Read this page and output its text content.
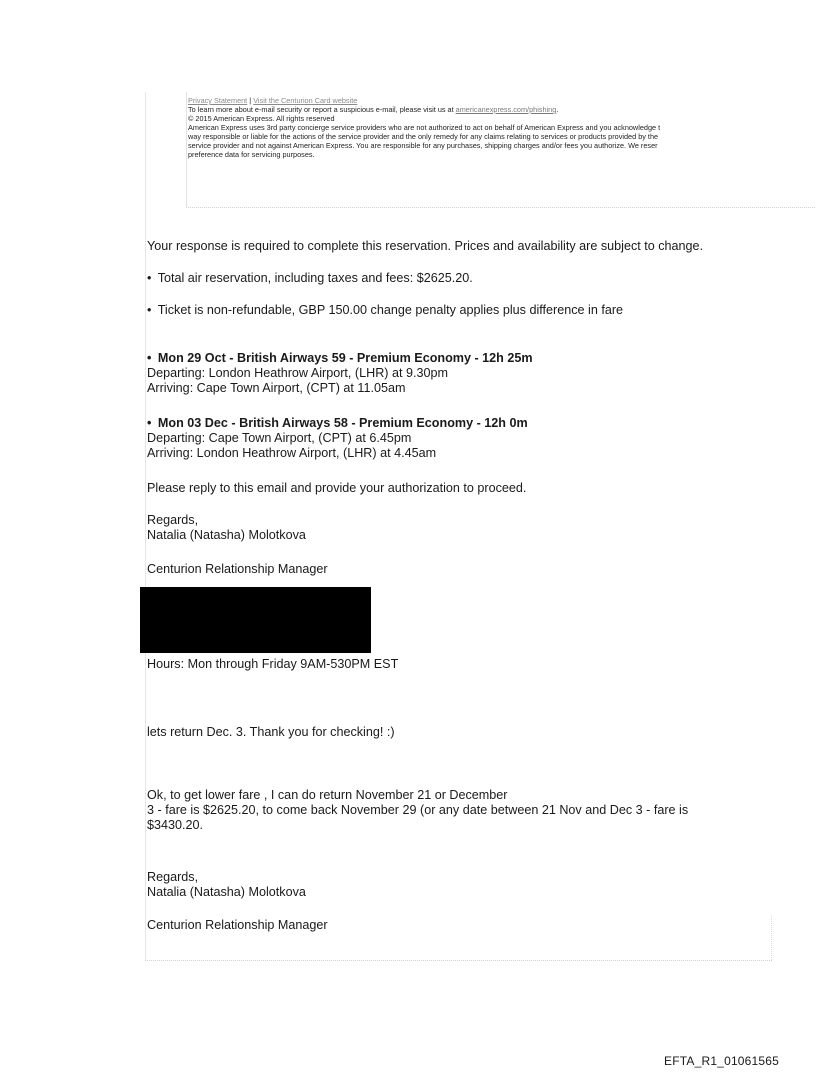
Privacy Statement | Visit the Centurion Card website
To learn more about e-mail security or report a suspicious e-mail, please visit us at americanexpress.com/phishing.
© 2015 American Express. All rights reserved
American Express uses 3rd party concierge service providers who are not authorized to act on behalf of American Express and you acknowledge t
way responsible or liable for the actions of the service provider and the only remedy for any claims relating to services or products provided by the
service provider and not against American Express. You are responsible for any purchases, shipping charges and/or fees you authorize. We reser
preference data for servicing purposes.
Your response is required to complete this reservation. Prices and availability are subject to change.
• Total air reservation, including taxes and fees: $2625.20.
• Ticket is non-refundable, GBP 150.00 change penalty applies plus difference in fare
• Mon 29 Oct - British Airways 59 - Premium Economy - 12h 25m
Departing: London Heathrow Airport, (LHR) at 9.30pm
Arriving: Cape Town Airport, (CPT) at 11.05am
• Mon 03 Dec - British Airways 58 - Premium Economy - 12h 0m
Departing: Cape Town Airport, (CPT) at 6.45pm
Arriving: London Heathrow Airport, (LHR) at 4.45am
Please reply to this email and provide your authorization to proceed.
Regards,
Natalia (Natasha) Molotkova
Centurion Relationship Manager
Hours: Mon through Friday 9AM-530PM EST
lets return Dec. 3. Thank you for checking! :)
Ok, to get lower fare , I can do return November 21 or December
3 - fare is $2625.20, to come back November 29 (or any date between 21 Nov and Dec 3 - fare is
$3430.20.
Regards,
Natalia (Natasha) Molotkova
Centurion Relationship Manager
EFTA_R1_01061565
